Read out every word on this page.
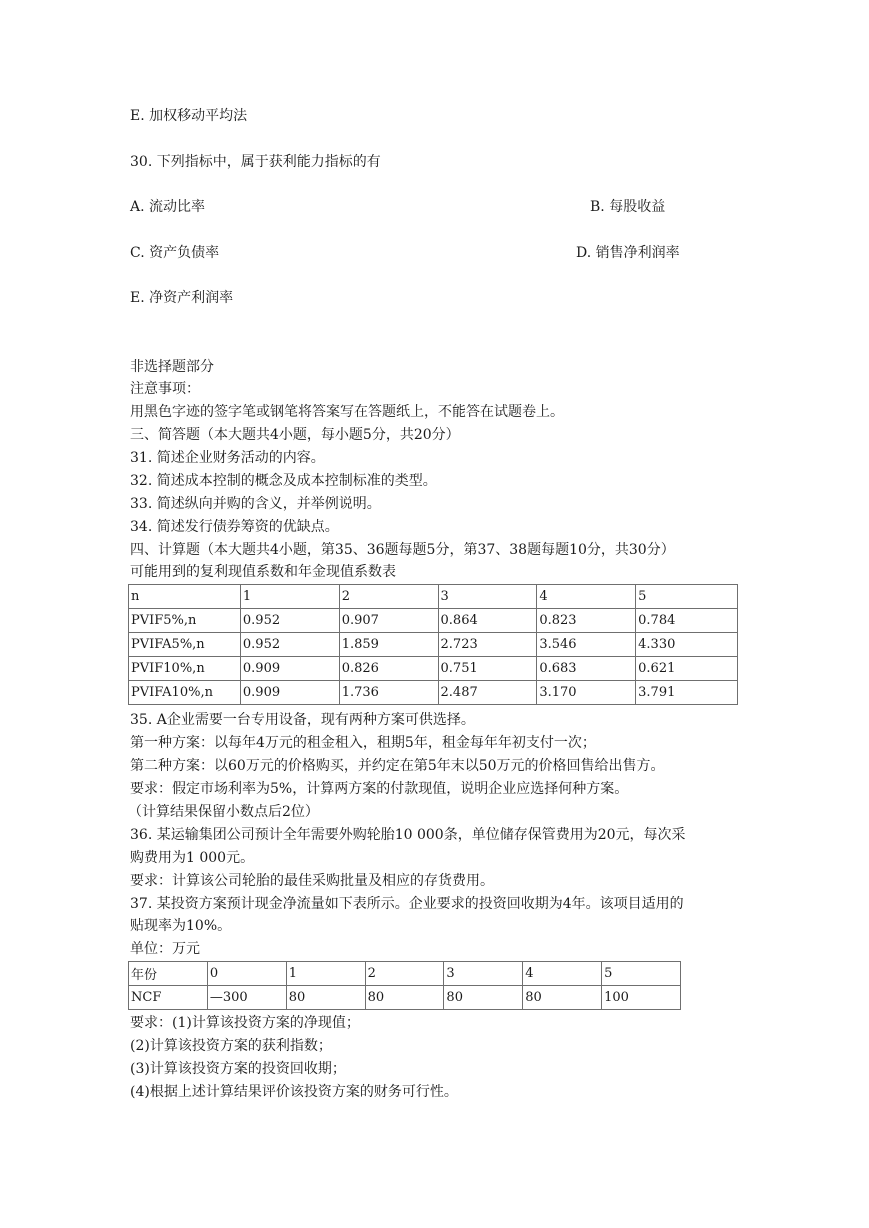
E. 加权移动平均法
30. 下列指标中，属于获利能力指标的有
A. 流动比率	B. 每股收益
C. 资产负债率	D. 销售净利润率
E. 净资产利润率
非选择题部分
注意事项：
用黑色字迹的签字笔或钢笔将答案写在答题纸上，不能答在试题卷上。
三、简答题（本大题共4小题，每小题5分，共20分）
31. 简述企业财务活动的内容。
32. 简述成本控制的概念及成本控制标准的类型。
33. 简述纵向并购的含义，并举例说明。
34. 简述发行债券筹资的优缺点。
四、计算题（本大题共4小题，第35、36题每题5分，第37、38题每题10分，共30分）
可能用到的复利现值系数和年金现值系数表
n	1	2	3	4	5
PVIF5%,n	0.952	0.907	0.864	0.823	0.784
PVIFA5%,n	0.952	1.859	2.723	3.546	4.330
PVIF10%,n	0.909	0.826	0.751	0.683	0.621
PVIFA10%,n	0.909	1.736	2.487	3.170	3.791
35. A企业需要一台专用设备，现有两种方案可供选择。
第一种方案：以每年4万元的租金租入，租期5年，租金每年年初支付一次；
第二种方案：以60万元的价格购买，并约定在第5年末以50万元的价格回售给出售方。
要求：假定市场利率为5%，计算两方案的付款现值，说明企业应选择何种方案。
（计算结果保留小数点后2位）
36. 某运输集团公司预计全年需要外购轮胎10 000条，单位储存保管费用为20元，每次采
购费用为1 000元。
要求：计算该公司轮胎的最佳采购批量及相应的存货费用。
37. 某投资方案预计现金净流量如下表所示。企业要求的投资回收期为4年。该项目适用的
贴现率为10%。
单位：万元
年份	0	1	2	3	4	5
NCF	—300	80	80	80	80	100
要求：(1)计算该投资方案的净现值；
(2)计算该投资方案的获利指数；
(3)计算该投资方案的投资回收期；
(4)根据上述计算结果评价该投资方案的财务可行性。
